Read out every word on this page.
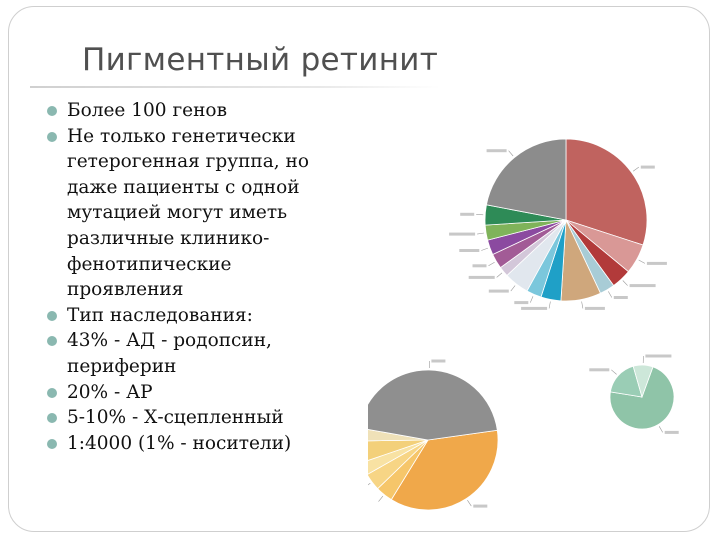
Пигментный ретинит
Более 100 генов
Не только генетически гетерогенная группа, но даже пациенты с одной мутацией могут иметь различные клинико-фенотипические проявления
Тип наследования:
43% - АД - родопсин, периферин
20% - АР
5-10% - Х-сцепленный
1:4000 (1% - носители)
